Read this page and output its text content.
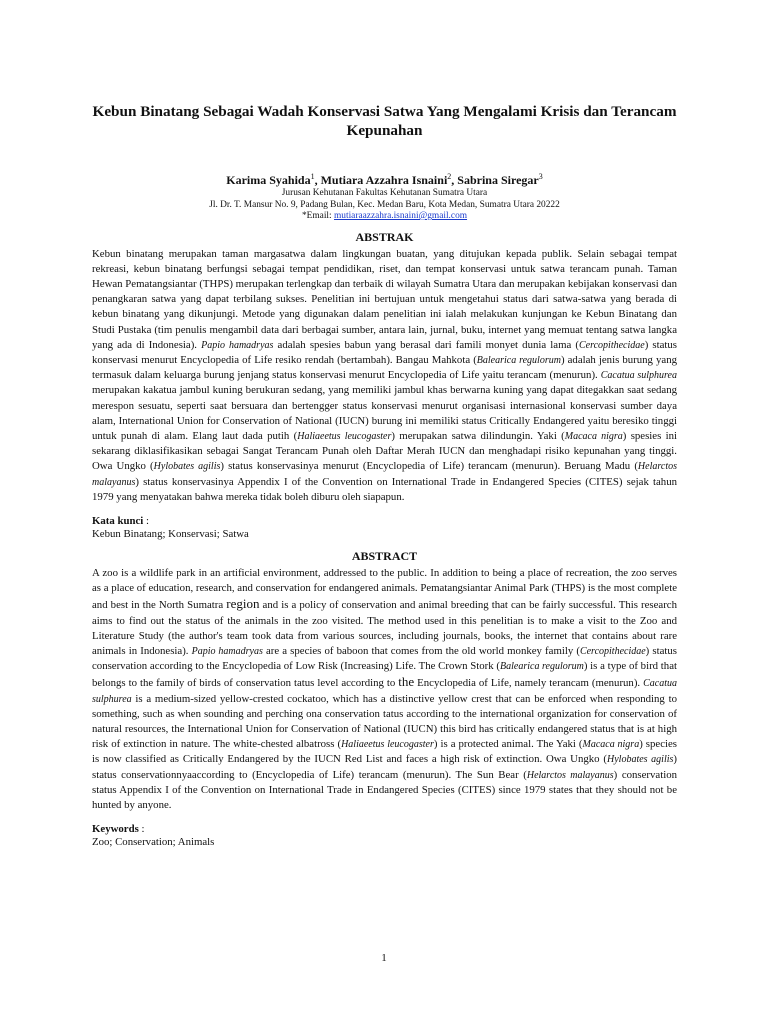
Kebun Binatang Sebagai Wadah Konservasi Satwa Yang Mengalami Krisis dan Terancam Kepunahan
Karima Syahida$^1$, Mutiara Azzahra Isnaini$^2$, Sabrina Siregar$^3$
Jurusan Kehutanan Fakultas Kehutanan Sumatra Utara
Jl. Dr. T. Mansur No. 9, Padang Bulan, Kec. Medan Baru, Kota Medan, Sumatra Utara 20222
*Email: mutiaraazzahra.isnaini@gmail.com
ABSTRAK

Kebun binatang merupakan taman margasatwa dalam lingkungan buatan, yang ditujukan kepada publik. Selain sebagai tempat rekreasi, kebun binatang berfungsi sebagai tempat pendidikan, riset, dan tempat konservasi untuk satwa terancam punah. Taman Hewan Pematangsiantar (THPS) merupakan terlengkap dan terbaik di wilayah Sumatra Utara dan merupakan kebijakan konservasi dan penangkaran satwa yang dapat terbilang sukses. Penelitian ini bertujuan untuk mengetahui status dari satwa-satwa yang berada di kebun binatang yang dikunjungi. Metode yang digunakan dalam penelitian ini ialah melakukan kunjungan ke Kebun Binatang dan Studi Pustaka (tim penulis mengambil data dari berbagai sumber, antara lain, jurnal, buku, internet yang memuat tentang satwa langka yang ada di Indonesia). Papio hamadryas adalah spesies babun yang berasal dari famili monyet dunia lama (Cercopithecidae) status konservasi menurut Encyclopedia of Life resiko rendah (bertambah). Bangau Mahkota (Balearica regulorum) adalah jenis burung yang termasuk dalam keluarga burung jenjang status konservasi menurut Encyclopedia of Life yaitu terancam (menurun). Cacatua sulphurea merupakan kakatua jambul kuning berukuran sedang, yang memiliki jambul khas berwarna kuning yang dapat ditegakkan saat sedang merespon sesuatu, seperti saat bersuara dan bertengger status konservasi menurut organisasi internasional konservasi sumber daya alam, International Union for Conservation of National (IUCN) burung ini memiliki status Critically Endangered yaitu beresiko tinggi untuk punah di alam. Elang laut dada putih (Haliaeetus leucogaster) merupakan satwa dilindungin. Yaki (Macaca nigra) spesies ini sekarang diklasifikasikan sebagai Sangat Terancam Punah oleh Daftar Merah IUCN dan menghadapi risiko kepunahan yang tinggi. Owa Ungko (Hylobates agilis) status konservasinya menurut (Encyclopedia of Life) terancam (menurun). Beruang Madu (Helarctos malayanus) status konservasinya Appendix I of the Convention on International Trade in Endangered Species (CITES) sejak tahun 1979 yang menyatakan bahwa mereka tidak boleh diburu oleh siapapun.

Kata kunci :
Kebun Binatang; Konservasi; Satwa
ABSTRACT

A zoo is a wildlife park in an artificial environment, addressed to the public. In addition to being a place of recreation, the zoo serves as a place of education, research, and conservation for endangered animals. Pematangsiantar Animal Park (THPS) is the most complete and best in the North Sumatra region and is a policy of conservation and animal breeding that can be fairly successful. This research aims to find out the status of the animals in the zoo visited. The method used in this penelitian is to make a visit to the Zoo and Literature Study (the author's team took data from various sources, including journals, books, the internet that contains about rare animals in Indonesia). Papio hamadryas are a species of baboon that comes from the old world monkey family (Cercopithecidae) status conservation according to the Encyclopedia of Low Risk (Increasing) Life. The Crown Stork (Balearica regulorum) is a type of bird that belongs to the family of birds of conservation tatus level according to the Encyclopedia of Life, namely terancam (menurun). Cacatua sulphurea is a medium-sized yellow-crested cockatoo, which has a distinctive yellow crest that can be enforced when responding to something, such as when sounding and perching ona conservation tatus according to the international organization for conservation of natural resources, the International Union for Conservation of National (IUCN) this bird has critically endangered status that is at high risk of extinction in nature. The white-chested albatross (Haliaeetus leucogaster) is a protected animal. The Yaki (Macaca nigra) species is now classified as Critically Endangered by the IUCN Red List and faces a high risk of extinction. Owa Ungko (Hylobates agilis) status conservationnyaaccording to (Encyclopedia of Life) terancam (menurun). The Sun Bear (Helarctos malayanus) conservation status Appendix I of the Convention on International Trade in Endangered Species (CITES) since 1979 states that they should not be hunted by anyone.

Keywords :
Zoo; Conservation; Animals
1
